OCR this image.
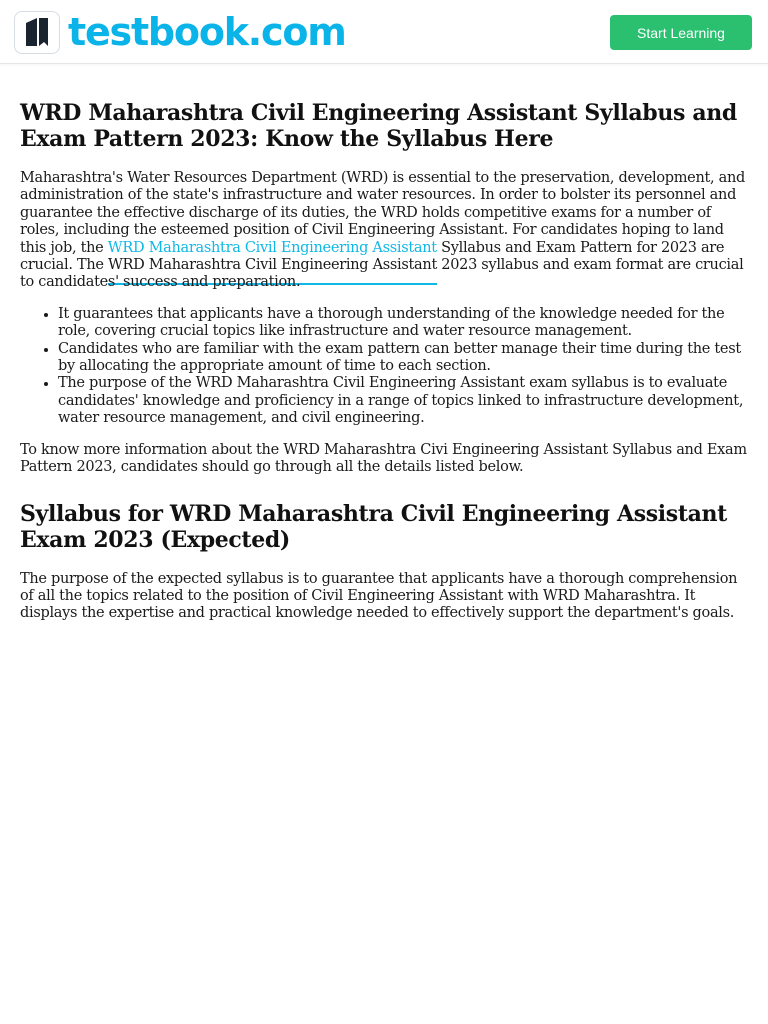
testbook.com	Start Learning
WRD Maharashtra Civil Engineering Assistant Syllabus and Exam Pattern 2023: Know the Syllabus Here

Maharashtra's Water Resources Department (WRD) is essential to the preservation, development, and administration of the state's infrastructure and water resources. In order to bolster its personnel and guarantee the effective discharge of its duties, the WRD holds competitive exams for a number of roles, including the esteemed position of Civil Engineering Assistant. For candidates hoping to land this job, the WRD Maharashtra Civil Engineering Assistant Syllabus and Exam Pattern for 2023 are crucial. The WRD Maharashtra Civil Engineering Assistant 2023 syllabus and exam format are crucial to candidates' success and preparation.

• It guarantees that applicants have a thorough understanding of the knowledge needed for the role, covering crucial topics like infrastructure and water resource management.
• Candidates who are familiar with the exam pattern can better manage their time during the test by allocating the appropriate amount of time to each section.
• The purpose of the WRD Maharashtra Civil Engineering Assistant exam syllabus is to evaluate candidates' knowledge and proficiency in a range of topics linked to infrastructure development, water resource management, and civil engineering.

To know more information about the WRD Maharashtra Civi Engineering Assistant Syllabus and Exam Pattern 2023, candidates should go through all the details listed below.

Syllabus for WRD Maharashtra Civil Engineering Assistant Exam 2023 (Expected)

The purpose of the expected syllabus is to guarantee that applicants have a thorough comprehension of all the topics related to the position of Civil Engineering Assistant with WRD Maharashtra. It displays the expertise and practical knowledge needed to effectively support the department's goals.
